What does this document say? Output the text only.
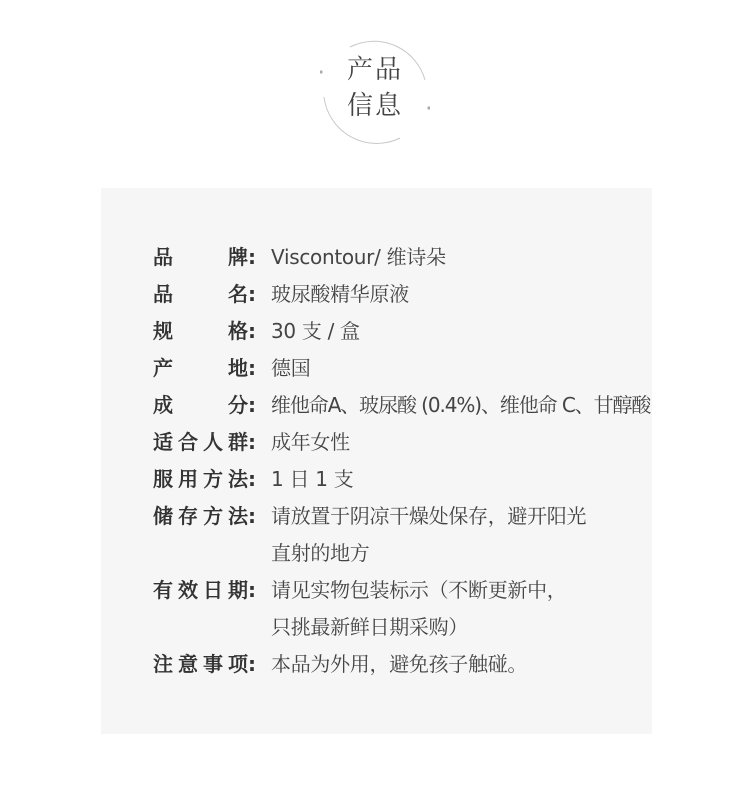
产品
信息
品　　牌 : Viscontour/ 维诗朵
品　　名 : 玻尿酸精华原液
规　　格 : 30 支 / 盒
产　　地 : 德国
成　　分 : 维他命A、玻尿酸 (0.4%)、维他命 C、甘醇酸
适合人群 : 成年女性
服用方法 : 1 日 1 支
储存方法 : 请放置于阴凉干燥处保存，避开阳光
直射的地方
有效日期 : 请见实物包装标示（不断更新中，
只挑最新鲜日期采购）
注意事项 : 本品为外用，避免孩子触碰。
